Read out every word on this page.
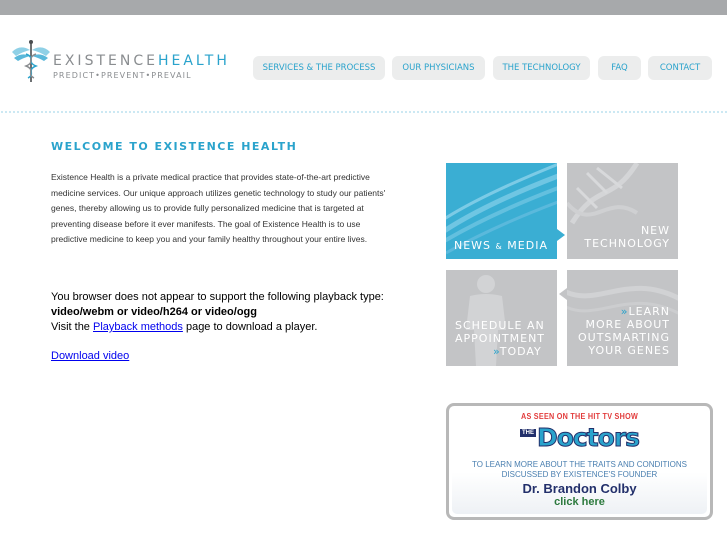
EXISTENCEHEALTH
PREDICT•PREVENT•PREVAIL
SERVICES & THE PROCESS	OUR PHYSICIANS	THE TECHNOLOGY	FAQ	CONTACT
WELCOME TO EXISTENCE HEALTH

Existence Health is a private medical practice that provides state-of-the-art predictive medicine services. Our unique approach utilizes genetic technology to study our patients' genes, thereby allowing us to provide fully personalized medicine that is targeted at preventing disease before it ever manifests. The goal of Existence Health is to use predictive medicine to keep you and your family healthy throughout your entire lives.

You browser does not appear to support the following playback type:
video/webm or video/h264 or video/ogg
Visit the Playback methods page to download a player.
Download video
NEWS & MEDIA
NEW
TECHNOLOGY
SCHEDULE AN
APPOINTMENT
»TODAY
»LEARN
MORE ABOUT
OUTSMARTING
YOUR GENES
AS SEEN ON THE HIT TV SHOW
THE Doctors
TO LEARN MORE ABOUT THE TRAITS AND CONDITIONS
DISCUSSED BY EXISTENCE'S FOUNDER
Dr. Brandon Colby
click here
